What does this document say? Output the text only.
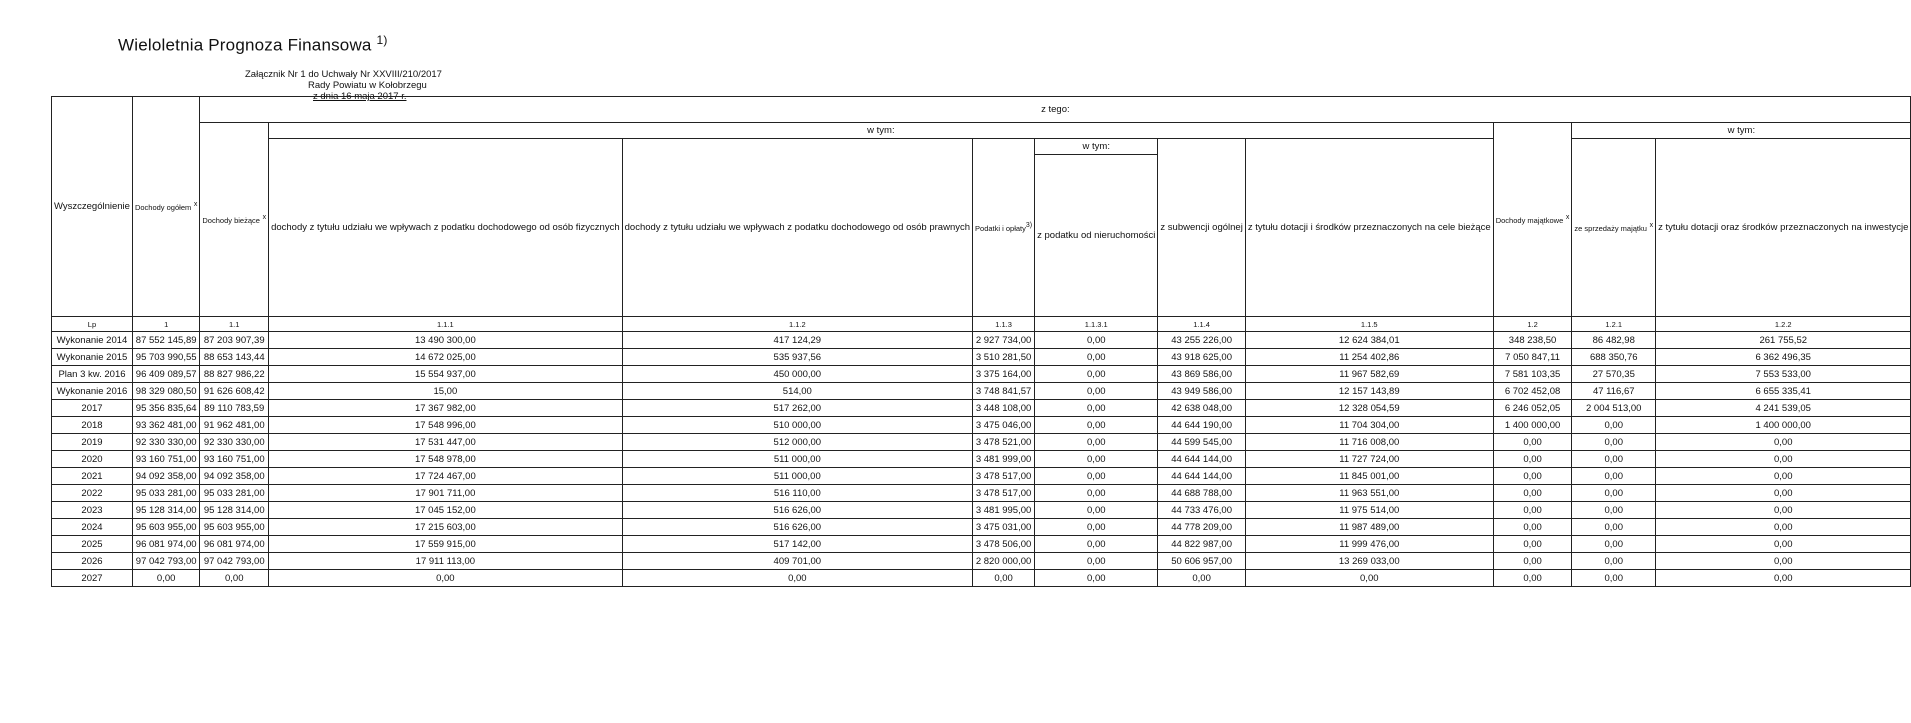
Wieloletnia Prognoza Finansowa $^{1)}$
Załącznik Nr 1 do Uchwały Nr XXVIII/210/2017
Rady Powiatu w Kołobrzegu
z dnia 16 maja 2017 r.
Wyszczególnienie	Dochody ogółem $^x$	z tego:									
		Dochody bieżące $^x$	w tym:						Dochody majątkowe $^x$	w tym:	
			dochody z tytułu udziału we wpływach z podatku dochodowego od osób fizycznych	dochody z tytułu udziału we wpływach z podatku dochodowego od osób prawnych	Podatki i opłaty$^{3)}$	w tym:	z subwencji ogólnej	z tytułu dotacji i środków przeznaczonych na cele bieżące		ze sprzedaży majątku $^x$	z tytułu dotacji oraz środków przeznaczonych na inwestycje
						z podatku od nieruchomości					
Lp	1	1.1	1.1.1	1.1.2	1.1.3	1.1.3.1	1.1.4	1.1.5	1.2	1.2.1	1.2.2
Wykonanie 2014	87 552 145,89	87 203 907,39	13 490 300,00	417 124,29	2 927 734,00	0,00	43 255 226,00	12 624 384,01	348 238,50	86 482,98	261 755,52
Wykonanie 2015	95 703 990,55	88 653 143,44	14 672 025,00	535 937,56	3 510 281,50	0,00	43 918 625,00	11 254 402,86	7 050 847,11	688 350,76	6 362 496,35
Plan 3 kw. 2016	96 409 089,57	88 827 986,22	15 554 937,00	450 000,00	3 375 164,00	0,00	43 869 586,00	11 967 582,69	7 581 103,35	27 570,35	7 553 533,00
Wykonanie 2016	98 329 080,50	91 626 608,42	15,00	514,00	3 748 841,57	0,00	43 949 586,00	12 157 143,89	6 702 452,08	47 116,67	6 655 335,41
2017	95 356 835,64	89 110 783,59	17 367 982,00	517 262,00	3 448 108,00	0,00	42 638 048,00	12 328 054,59	6 246 052,05	2 004 513,00	4 241 539,05
2018	93 362 481,00	91 962 481,00	17 548 996,00	510 000,00	3 475 046,00	0,00	44 644 190,00	11 704 304,00	1 400 000,00	0,00	1 400 000,00
2019	92 330 330,00	92 330 330,00	17 531 447,00	512 000,00	3 478 521,00	0,00	44 599 545,00	11 716 008,00	0,00	0,00	0,00
2020	93 160 751,00	93 160 751,00	17 548 978,00	511 000,00	3 481 999,00	0,00	44 644 144,00	11 727 724,00	0,00	0,00	0,00
2021	94 092 358,00	94 092 358,00	17 724 467,00	511 000,00	3 478 517,00	0,00	44 644 144,00	11 845 001,00	0,00	0,00	0,00
2022	95 033 281,00	95 033 281,00	17 901 711,00	516 110,00	3 478 517,00	0,00	44 688 788,00	11 963 551,00	0,00	0,00	0,00
2023	95 128 314,00	95 128 314,00	17 045 152,00	516 626,00	3 481 995,00	0,00	44 733 476,00	11 975 514,00	0,00	0,00	0,00
2024	95 603 955,00	95 603 955,00	17 215 603,00	516 626,00	3 475 031,00	0,00	44 778 209,00	11 987 489,00	0,00	0,00	0,00
2025	96 081 974,00	96 081 974,00	17 559 915,00	517 142,00	3 478 506,00	0,00	44 822 987,00	11 999 476,00	0,00	0,00	0,00
2026	97 042 793,00	97 042 793,00	17 911 113,00	409 701,00	2 820 000,00	0,00	50 606 957,00	13 269 033,00	0,00	0,00	0,00
2027	0,00	0,00	0,00	0,00	0,00	0,00	0,00	0,00	0,00	0,00	0,00
